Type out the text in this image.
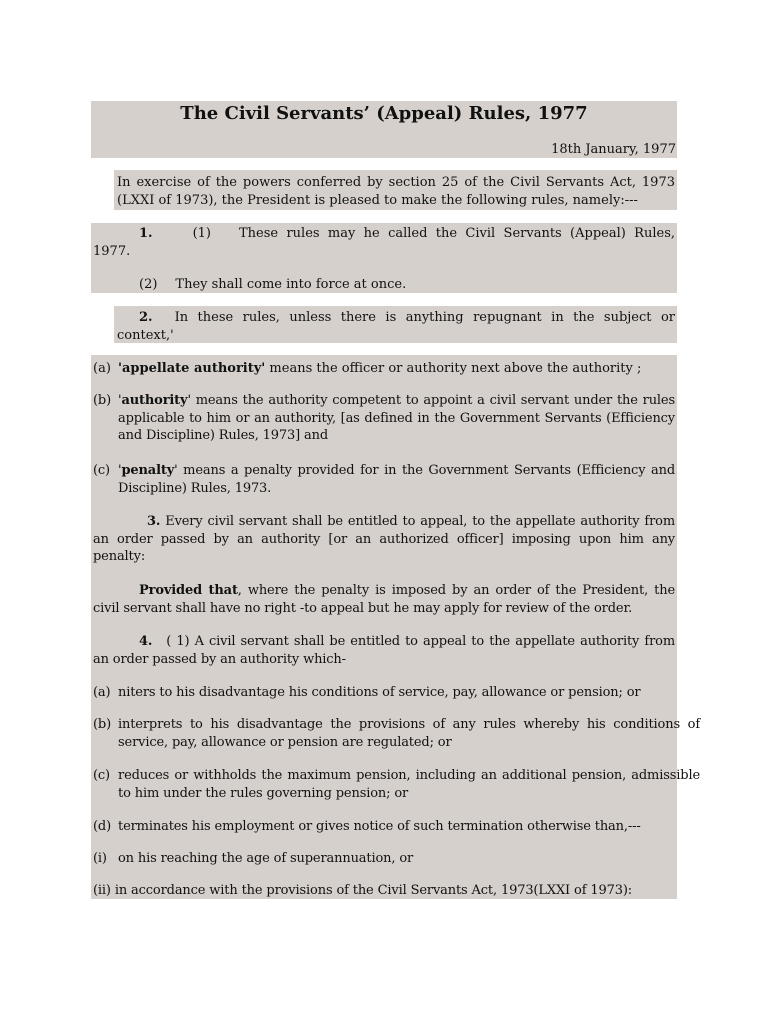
The Civil Servants’ (Appeal) Rules, 1977
18th January, 1977
In exercise of the powers conferred by section 25 of the Civil Servants Act, 1973 (LXXI of 1973), the President is pleased to make the following rules, namely:---
1.	(1) These rules may he called the Civil Servants (Appeal) Rules, 1977.
(2) They shall come into force at once.
2. In these rules, unless there is anything repugnant in the subject or context,'
(a) 'appellate authority' means the officer or authority next above the authority ;
(b) 'authority' means the authority competent to appoint a civil servant under the rules applicable to him or an authority, [as defined in the Government Servants (Efficiency and Discipline) Rules, 1973] and
(c) 'penalty' means a penalty provided for in the Government Servants (Efficiency and Discipline) Rules, 1973.
3. Every civil servant shall be entitled to appeal, to the appellate authority from an order passed by an authority [or an authorized officer] imposing upon him any penalty:
Provided that, where the penalty is imposed by an order of the President, the civil servant shall have no right -to appeal but he may apply for review of the order.
4. ( 1) A civil servant shall be entitled to appeal to the appellate authority from an order passed by an authority which-
(a) niters to his disadvantage his conditions of service, pay, allowance or pension; or
(b) interprets to his disadvantage the provisions of any rules whereby his conditions of service, pay, allowance or pension are regulated; or
(c) reduces or withholds the maximum pension, including an additional pension, admissible to him under the rules governing pension; or
(d) terminates his employment or gives notice of such termination otherwise than,---
(i) on his reaching the age of superannuation, or
(ii) in accordance with the provisions of the Civil Servants Act, 1973(LXXI of 1973):
